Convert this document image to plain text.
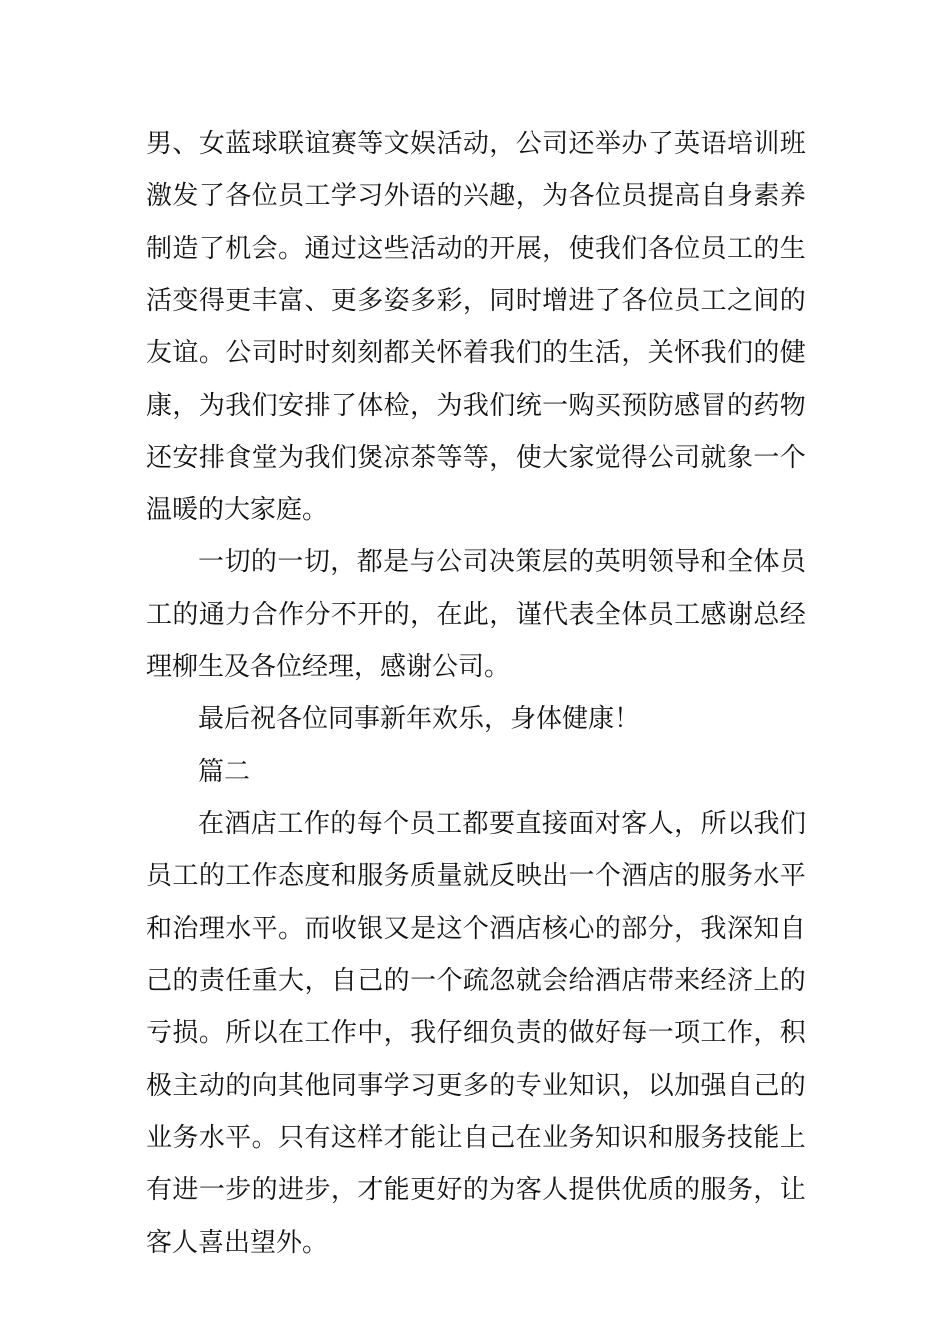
男 、 女 蓝 球 联 谊 赛 等 文 娱 活 动 ， 公 司 还 举 办 了 英 语 培 训 班
激 发 了 各 位 员 工 学 习 外 语 的 兴 趣 ， 为 各 位 员 提 高 自 身 素 养
制 造 了 机 会 。 通 过 这 些 活 动 的 开 展 ， 使 我 们 各 位 员 工 的 生
活 变 得 更 丰 富 、 更 多 姿 多 彩 ， 同 时 增 进 了 各 位 员 工 之 间 的
友 谊 。 公 司 时 时 刻 刻 都 关 怀 着 我 们 的 生 活 ， 关 怀 我 们 的 健
康 ， 为 我 们 安 排 了 体 检 ， 为 我 们 统 一 购 买 预 防 感 冒 的 药 物
还 安 排 食 堂 为 我 们 煲 凉 茶 等 等 ， 使 大 家 觉 得 公 司 就 象 一 个
温暖的大家庭。
一 切 的 一 切 ， 都 是 与 公 司 决 策 层 的 英 明 领 导 和 全 体 员
工 的 通 力 合 作 分 不 开 的 ， 在 此 ， 谨 代 表 全 体 员 工 感 谢 总 经
理柳生及各位经理，感谢公司。
最后祝各位同事新年欢乐，身体健康！
篇二
在 酒 店 工 作 的 每 个 员 工 都 要 直 接 面 对 客 人 ， 所 以 我 们
员 工 的 工 作 态 度 和 服 务 质 量 就 反 映 出 一 个 酒 店 的 服 务 水 平
和 治 理 水 平 。 而 收 银 又 是 这 个 酒 店 核 心 的 部 分 ， 我 深 知 自
己 的 责 任 重 大 ， 自 己 的 一 个 疏 忽 就 会 给 酒 店 带 来 经 济 上 的
亏 损 。 所 以 在 工 作 中 ， 我 仔 细 负 责 的 做 好 每 一 项 工 作 ， 积
极 主 动 的 向 其 他 同 事 学 习 更 多 的 专 业 知 识 ， 以 加 强 自 己 的
业 务 水 平 。 只 有 这 样 才 能 让 自 己 在 业 务 知 识 和 服 务 技 能 上
有 进 一 步 的 进 步 ， 才 能 更 好 的 为 客 人 提 供 优 质 的 服 务 ， 让
客人喜出望外。
